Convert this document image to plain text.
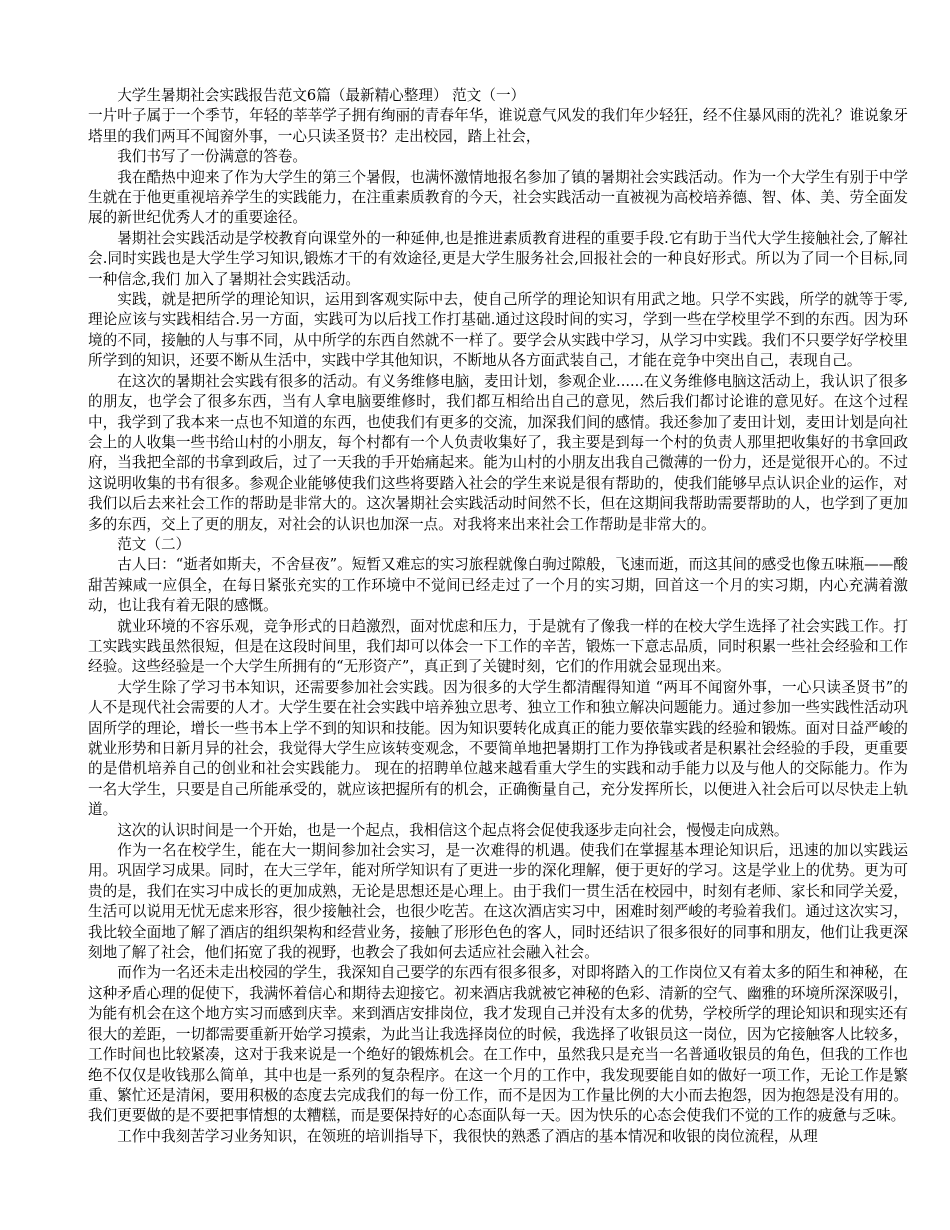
大学生暑期社会实践报告范文6篇（最新精心整理） 范文（一）

一片叶子属于一个季节，年轻的莘莘学子拥有绚丽的青春年华，谁说意气风发的我们年少轻狂，经不住暴风雨的洗礼？谁说象牙塔里的我们两耳不闻窗外事，一心只读圣贤书？走出校园，踏上社会，

我们书写了一份满意的答卷。

我在酷热中迎来了作为大学生的第三个暑假，也满怀激情地报名参加了镇的暑期社会实践活动。作为一个大学生有别于中学生就在于他更重视培养学生的实践能力，在注重素质教育的今天，社会实践活动一直被视为高校培养德、智、体、美、劳全面发展的新世纪优秀人才的重要途径。

暑期社会实践活动是学校教育向课堂外的一种延伸,也是推进素质教育进程的重要手段.它有助于当代大学生接触社会,了解社会.同时实践也是大学生学习知识,锻炼才干的有效途径,更是大学生服务社会,回报社会的一种良好形式。所以为了同一个目标,同一种信念,我们 加入了暑期社会实践活动。

实践，就是把所学的理论知识，运用到客观实际中去，使自己所学的理论知识有用武之地。只学不实践，所学的就等于零,理论应该与实践相结合.另一方面，实践可为以后找工作打基础.通过这段时间的实习，学到一些在学校里学不到的东西。因为环境的不同，接触的人与事不同，从中所学的东西自然就不一样了。要学会从实践中学习，从学习中实践。我们不只要学好学校里所学到的知识，还要不断从生活中，实践中学其他知识，不断地从各方面武装自己，才能在竞争中突出自己，表现自己。

在这次的暑期社会实践有很多的活动。有义务维修电脑，麦田计划，参观企业......在义务维修电脑这活动上，我认识了很多的朋友，也学会了很多东西，当有人拿电脑要维修时，我们都互相给出自己的意见，然后我们都讨论谁的意见好。在这个过程中，我学到了我本来一点也不知道的东西，也使我们有更多的交流，加深我们间的感情。我还参加了麦田计划，麦田计划是向社会上的人收集一些书给山村的小朋友，每个村都有一个人负责收集好了，我主要是到每一个村的负责人那里把收集好的书拿回政府，当我把全部的书拿到政后，过了一天我的手开始痛起来。能为山村的小朋友出我自己微薄的一份力，还是觉很开心的。不过这说明收集的书有很多。参观企业能够使我们这些将要踏入社会的学生来说是很有帮助的，使我们能够早点认识企业的运作，对我们以后去来社会工作的帮助是非常大的。这次暑期社会实践活动时间然不长，但在这期间我帮助需要帮助的人，也学到了更加多的东西，交上了更的朋友，对社会的认识也加深一点。对我将来出来社会工作帮助是非常大的。

范文（二）

古人曰：“逝者如斯夫，不舍昼夜”。短暂又难忘的实习旅程就像白驹过隙般，飞速而逝，而这其间的感受也像五味瓶——酸甜苦辣咸一应俱全，在每日紧张充实的工作环境中不觉间已经走过了一个月的实习期，回首这一个月的实习期，内心充满着激动，也让我有着无限的感慨。

就业环境的不容乐观，竞争形式的日趋激烈，面对忧虑和压力，于是就有了像我一样的在校大学生选择了社会实践工作。打工实践实践虽然很短，但是在这段时间里，我们却可以体会一下工作的辛苦，锻炼一下意志品质，同时积累一些社会经验和工作经验。这些经验是一个大学生所拥有的“无形资产”，真正到了关键时刻，它们的作用就会显现出来。

大学生除了学习书本知识，还需要参加社会实践。因为很多的大学生都清醒得知道 “两耳不闻窗外事，一心只读圣贤书”的人不是现代社会需要的人才。大学生要在社会实践中培养独立思考、独立工作和独立解决问题能力。通过参加一些实践性活动巩固所学的理论，增长一些书本上学不到的知识和技能。因为知识要转化成真正的能力要依靠实践的经验和锻炼。面对日益严峻的就业形势和日新月异的社会，我觉得大学生应该转变观念，不要简单地把暑期打工作为挣钱或者是积累社会经验的手段，更重要的是借机培养自己的创业和社会实践能力。 现在的招聘单位越来越看重大学生的实践和动手能力以及与他人的交际能力。作为一名大学生，只要是自己所能承受的，就应该把握所有的机会，正确衡量自己，充分发挥所长，以便进入社会后可以尽快走上轨道。

这次的认识时间是一个开始，也是一个起点，我相信这个起点将会促使我逐步走向社会，慢慢走向成熟。

作为一名在校学生，能在大一期间参加社会实习，是一次难得的机遇。使我们在掌握基本理论知识后，迅速的加以实践运用。巩固学习成果。同时，在大三学年，能对所学知识有了更进一步的深化理解，便于更好的学习。这是学业上的优势。更为可贵的是，我们在实习中成长的更加成熟，无论是思想还是心理上。由于我们一贯生活在校园中，时刻有老师、家长和同学关爱，生活可以说用无忧无虑来形容，很少接触社会，也很少吃苦。在这次酒店实习中，困难时刻严峻的考验着我们。通过这次实习，我比较全面地了解了酒店的组织架构和经营业务，接触了形形色色的客人，同时还结识了很多很好的同事和朋友，他们让我更深刻地了解了社会，他们拓宽了我的视野，也教会了我如何去适应社会融入社会。

而作为一名还未走出校园的学生，我深知自己要学的东西有很多很多，对即将踏入的工作岗位又有着太多的陌生和神秘，在这种矛盾心理的促使下，我满怀着信心和期待去迎接它。初来酒店我就被它神秘的色彩、清新的空气、幽雅的环境所深深吸引，为能有机会在这个地方实习而感到庆幸。来到酒店安排岗位，我才发现自己并没有太多的优势，学校所学的理论知识和现实还有很大的差距，一切都需要重新开始学习摸索，为此当让我选择岗位的时候，我选择了收银员这一岗位，因为它接触客人比较多，工作时间也比较紧凑，这对于我来说是一个绝好的锻炼机会。在工作中，虽然我只是充当一名普通收银员的角色，但我的工作也绝不仅仅是收钱那么简单，其中也是一系列的复杂程序。在这一个月的工作中，我发现要能自如的做好一项工作，无论工作是繁重、繁忙还是清闲，要用积极的态度去完成我们的每一份工作，而不是因为工作量比例的大小而去抱怨，因为抱怨是没有用的。我们更要做的是不要把事情想的太糟糕，而是要保持好的心态面队每一天。因为快乐的心态会使我们不觉的工作的疲惫与乏味。

工作中我刻苦学习业务知识，在领班的培训指导下，我很快的熟悉了酒店的基本情况和收银的岗位流程，从理
